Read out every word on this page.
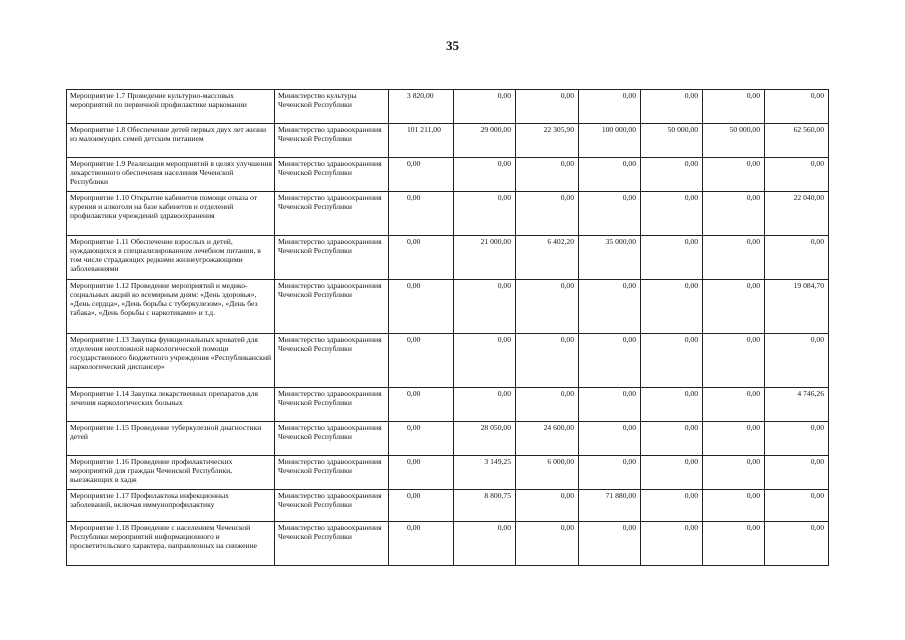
35
Мероприятие 1.7 Проведение культурно-массовых мероприятий по первичной профилактике наркомании	Министерство культуры Чеченской Республики	3 820,00	0,00	0,00	0,00	0,00	0,00	0,00
Мероприятие 1.8 Обеспечение детей первых двух лет жизни из малоимущих семей детским питанием	Министерство здравоохранения Чеченской Республики	101 211,00	29 000,00	22 305,90	100 000,00	50 000,00	50 000,00	62 560,00
Мероприятие 1.9 Реализация мероприятий в целях улучшения лекарственного обеспечения населения Чеченской Республики	Министерство здравоохранения Чеченской Республики	0,00	0,00	0,00	0,00	0,00	0,00	0,00
Мероприятие 1.10 Открытие кабинетов помощи отказа от курения и алкоголя на базе кабинетов и отделений профилактики учреждений здравоохранения	Министерство здравоохранения Чеченской Республики	0,00	0,00	0,00	0,00	0,00	0,00	22 040,00
Мероприятие 1.11 Обеспечение взрослых и детей, нуждающихся в специализированном лечебном питании, в том числе страдающих редкими жизнеугрожающими заболеваниями	Министерство здравоохранения Чеченской Республики	0,00	21 000,00	6 402,20	35 000,00	0,00	0,00	0,00
Мероприятие 1.12 Проведение мероприятий и медико-социальных акций ко всемирным дням: «День здоровья», «День сердца», «День борьбы с туберкулезом», «День без табака», «День борьбы с наркотиками» и т.д.	Министерство здравоохранения Чеченской Республики	0,00	0,00	0,00	0,00	0,00	0,00	19 084,70
Мероприятие 1.13 Закупка функциональных кроватей для отделения неотложной наркологической помощи государственного бюджетного учреждения «Республиканский наркологический диспансер»	Министерство здравоохранения Чеченской Республики	0,00	0,00	0,00	0,00	0,00	0,00	0,00
Мероприятие 1.14 Закупка лекарственных препаратов для лечения наркологических больных	Министерство здравоохранения Чеченской Республики	0,00	0,00	0,00	0,00	0,00	0,00	4 746,26
Мероприятие 1.15 Проведение туберкулезной диагностики детей	Министерство здравоохранения Чеченской Республики	0,00	28 050,00	24 600,00	0,00	0,00	0,00	0,00
Мероприятие 1.16 Проведение профилактических мероприятий для граждан Чеченской Республики, выезжающих в хадж	Министерство здравоохранения Чеченской Республики	0,00	3 149,25	6 000,00	0,00	0,00	0,00	0,00
Мероприятие 1.17 Профилактика инфекционных заболеваний, включая иммунопрофилактику	Министерство здравоохранения Чеченской Республики	0,00	8 800,75	0,00	71 880,00	0,00	0,00	0,00
Мероприятие 1.18 Проведение с населением Чеченской Республики мероприятий информационного и просветительского характера, направленных на снижение	Министерство здравоохранения Чеченской Республики	0,00	0,00	0,00	0,00	0,00	0,00	0,00
